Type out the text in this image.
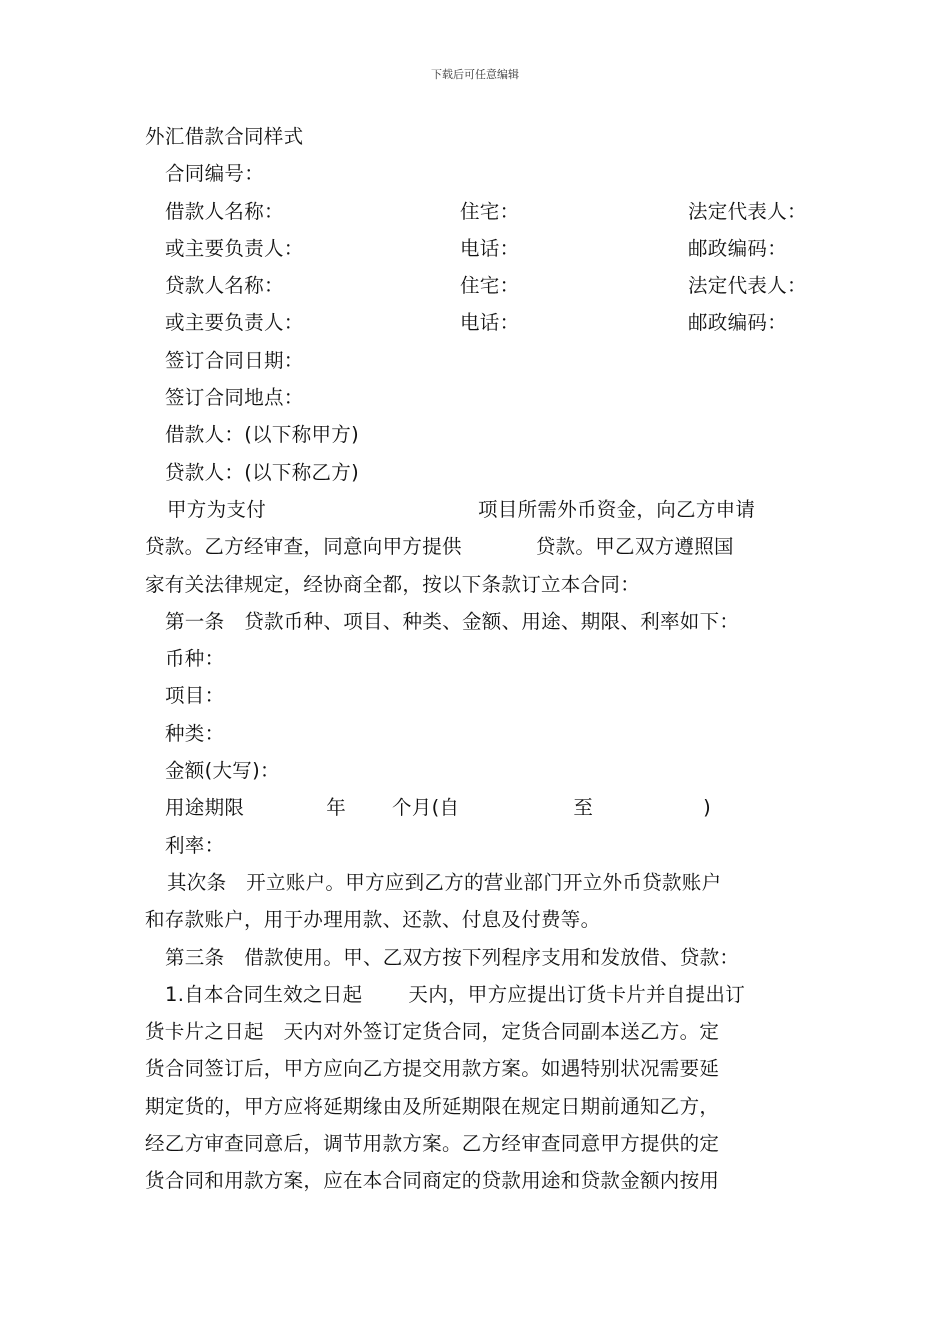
下载后可任意编辑
外汇借款合同样式
合同编号：
借款人名称：	住宅：	法定代表人：
或主要负责人：	电话：	邮政编码：
贷款人名称：	住宅：	法定代表人：
或主要负责人：	电话：	邮政编码：
签订合同日期：
签订合同地点：
借款人：(以下称甲方)
贷款人：(以下称乙方)
甲方为支付	项目所需外币资金，向乙方申请
贷款。乙方经审查，同意向甲方提供	贷款。甲乙双方遵照国
家有关法律规定，经协商全都，按以下条款订立本合同：
第一条　贷款币种、项目、种类、金额、用途、期限、利率如下：
币种：
项目：
种类：
金额(大写)：
用途期限	年 个月(自	至	)
利率：
其次条　开立账户。甲方应到乙方的营业部门开立外币贷款账户
和存款账户，用于办理用款、还款、付息及付费等。
第三条　借款使用。甲、乙双方按下列程序支用和发放借、贷款：
1.自本合同生效之日起 天内，甲方应提出订货卡片并自提出订
货卡片之日起　天内对外签订定货合同，定货合同副本送乙方。定
货合同签订后，甲方应向乙方提交用款方案。如遇特别状况需要延
期定货的，甲方应将延期缘由及所延期限在规定日期前通知乙方，
经乙方审查同意后，调节用款方案。乙方经审查同意甲方提供的定
货合同和用款方案，应在本合同商定的贷款用途和贷款金额内按用
